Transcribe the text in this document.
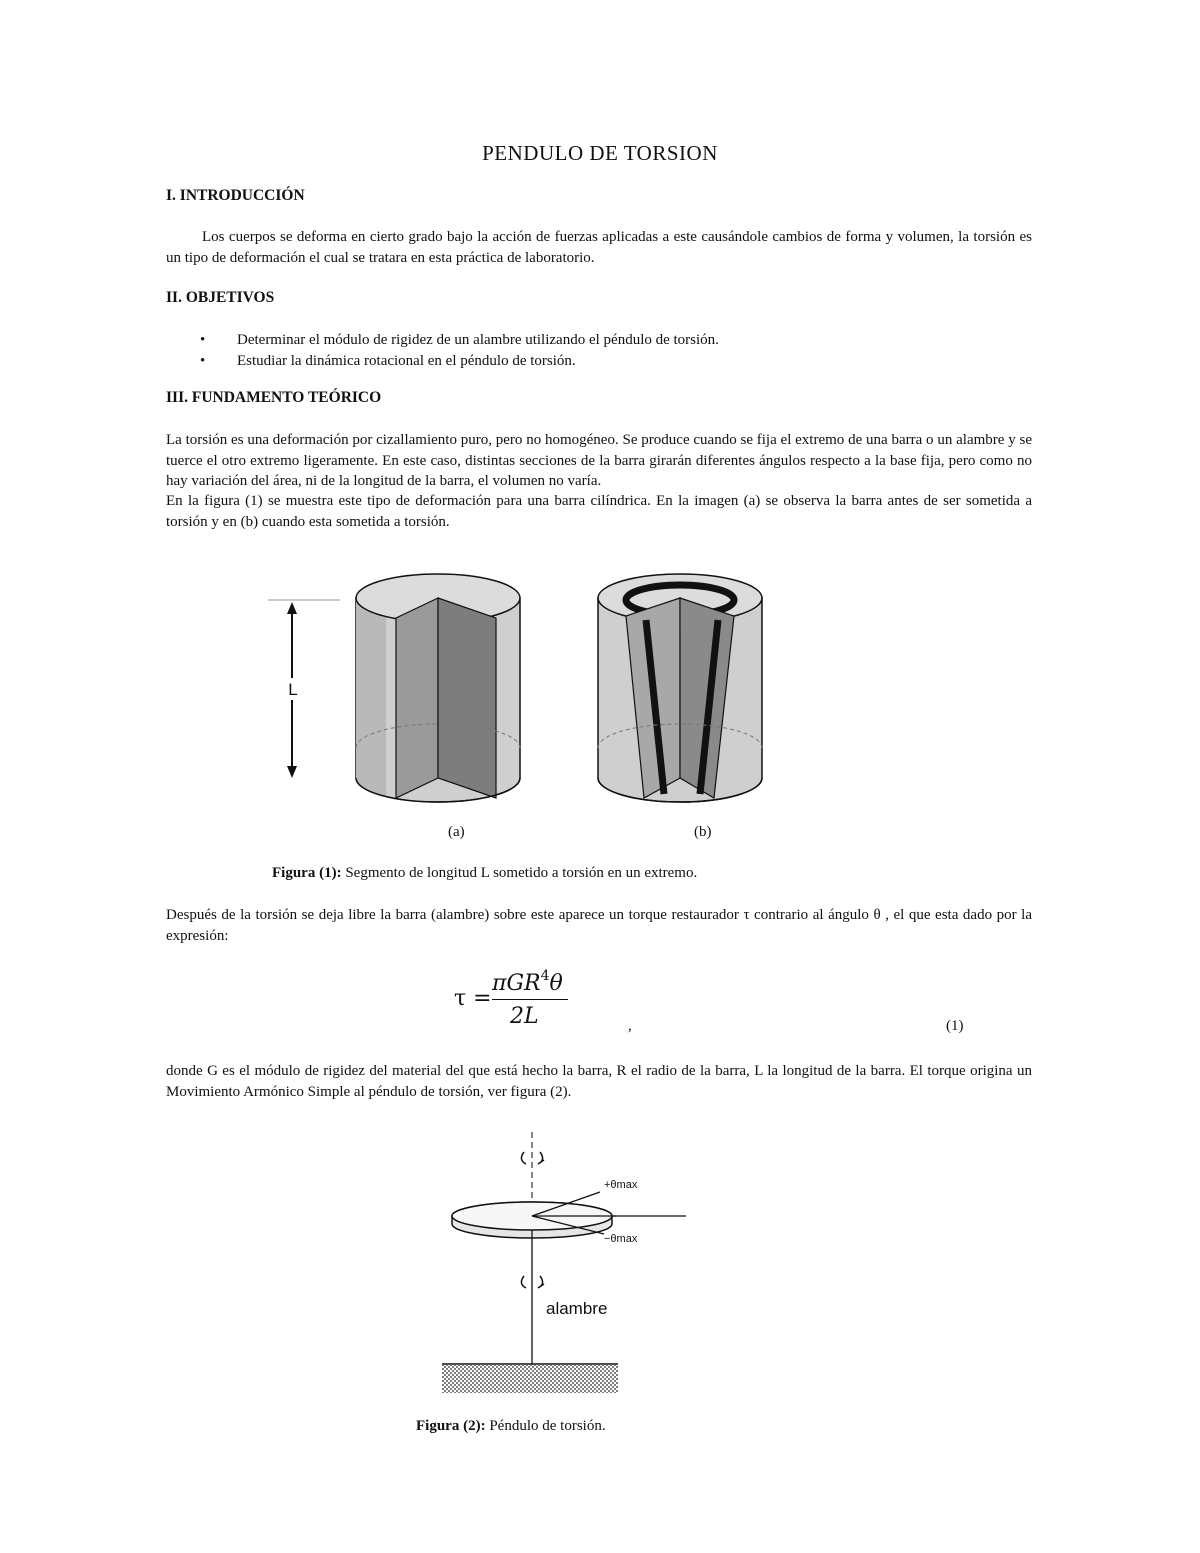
PENDULO DE TORSION
I. INTRODUCCIÓN
Los cuerpos se deforma en cierto grado bajo la acción de fuerzas aplicadas a este causándole cambios de forma y volumen, la torsión es un tipo de deformación el cual se tratara en esta práctica de laboratorio.
II. OBJETIVOS
• Determinar el módulo de rigidez de un alambre utilizando el péndulo de torsión.
• Estudiar la dinámica rotacional en el péndulo de torsión.
III. FUNDAMENTO TEÓRICO
La torsión es una deformación por cizallamiento puro, pero no homogéneo. Se produce cuando se fija el extremo de una barra o un alambre y se tuerce el otro extremo ligeramente. En este caso, distintas secciones de la barra girarán diferentes ángulos respecto a la base fija, pero como no hay variación del área, ni de la longitud de la barra, el volumen no varía.
En la figura (1) se muestra este tipo de deformación para una barra cilíndrica. En la imagen (a) se observa la barra antes de ser sometida a torsión y en (b) cuando esta sometida a torsión.
L
(a)	(b)
Figura (1): Segmento de longitud L sometido a torsión en un extremo.
Después de la torsión se deja libre la barra (alambre) sobre este aparece un torque restaurador τ contrario al ángulo θ , el que esta dado por la expresión:
τ =
πGR$^4$θ
2L	,	(1)
donde G es el módulo de rigidez del material del que está hecho la barra, R el radio de la barra, L la longitud de la barra. El torque origina un Movimiento Armónico Simple al péndulo de torsión, ver figura (2).
+θmax
−θmax
alambre
Figura (2): Péndulo de torsión.
